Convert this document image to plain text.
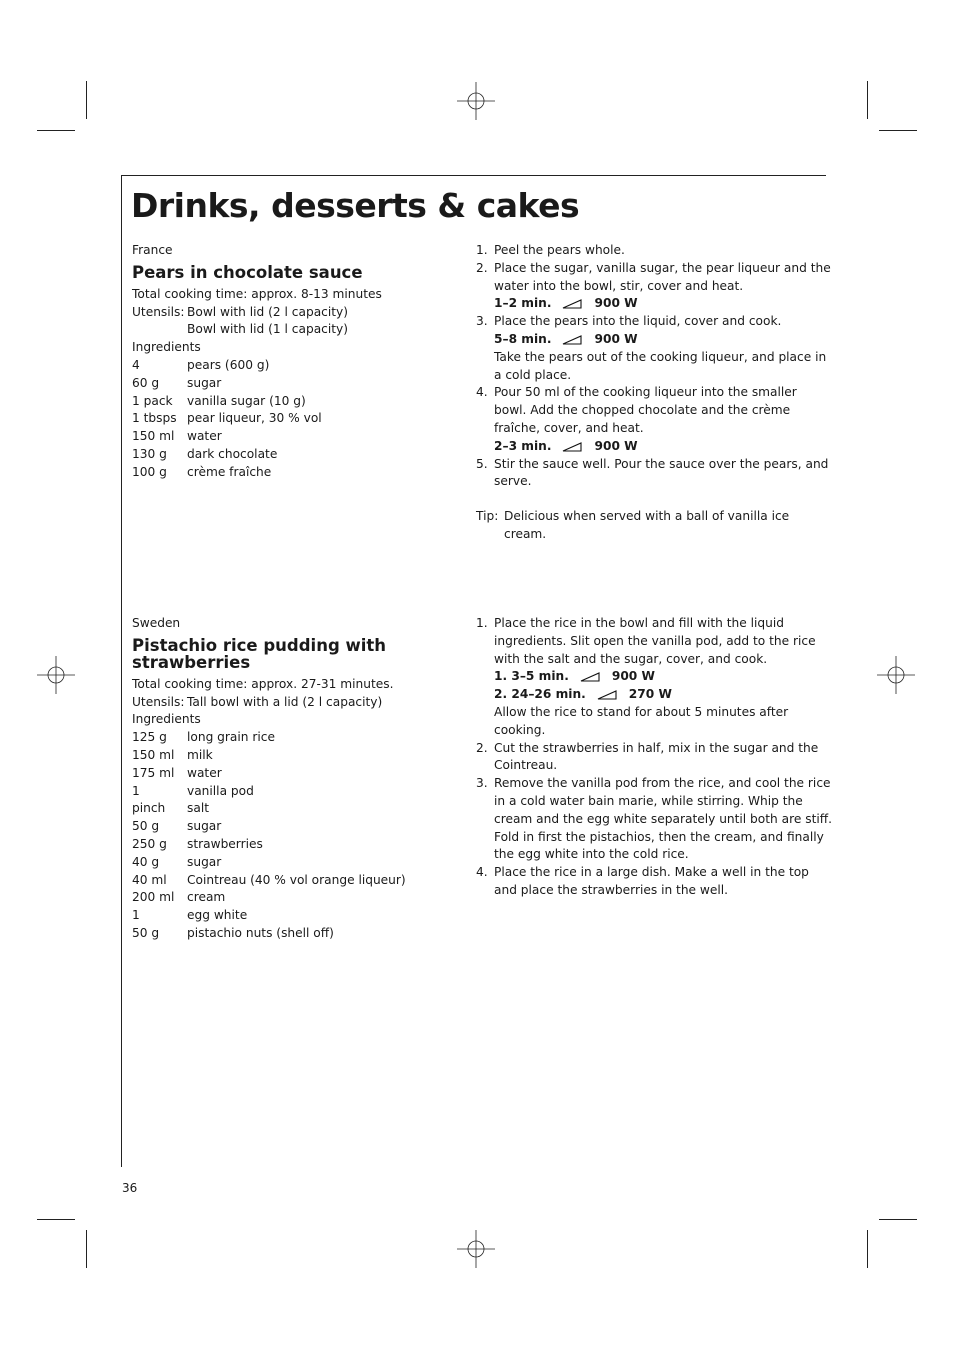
Drinks, desserts & cakes

France

Pears in chocolate sauce

Total cooking time: approx. 8-13 minutes

Utensils: Bowl with lid (2 l capacity)
Bowl with lid (1 l capacity)

Ingredients

4	pears (600 g)
60 g	sugar
1 pack	vanilla sugar (10 g)
1 tbsps pear liqueur, 30 % vol
150 ml	water
130 g	dark chocolate
100 g	crème fraîche
1. Peel the pears whole.
2. Place the sugar, vanilla sugar, the pear liqueur and the
water into the bowl, stir, cover and heat.
1–2 min.	900 W
3. Place the pears into the liquid, cover and cook.
5–8 min.	900 W
Take the pears out of the cooking liqueur, and place in
a cold place.
4. Pour 50 ml of the cooking liqueur into the smaller
bowl. Add the chopped chocolate and the crème
fraîche, cover, and heat.
2–3 min.	900 W
5. Stir the sauce well. Pour the sauce over the pears, and
serve.
Tip: Delicious when served with a ball of vanilla ice
cream.

Sweden

Pistachio rice pudding with
strawberries

Total cooking time: approx. 27-31 minutes.

Utensils: Tall bowl with a lid (2 l capacity)

Ingredients

125 g	long grain rice
150 ml	milk
175 ml	water
1	vanilla pod
pinch	salt
50 g	sugar
250 g	strawberries
40 g	sugar
40 ml	Cointreau (40 % vol orange liqueur)
200 ml	cream
1	egg white
50 g	pistachio nuts (shell off)
1. Place the rice in the bowl and fill with the liquid
ingredients. Slit open the vanilla pod, add to the rice
with the salt and the sugar, cover, and cook.
1. 3–5 min.	900 W
2. 24–26 min.	270 W
Allow the rice to stand for about 5 minutes after
cooking.
2. Cut the strawberries in half, mix in the sugar and the
Cointreau.
3. Remove the vanilla pod from the rice, and cool the rice
in a cold water bain marie, while stirring. Whip the
cream and the egg white separately until both are stiff.
Fold in first the pistachios, then the cream, and finally
the egg white into the cold rice.
4. Place the rice in a large dish. Make a well in the top
and place the strawberries in the well.
36
